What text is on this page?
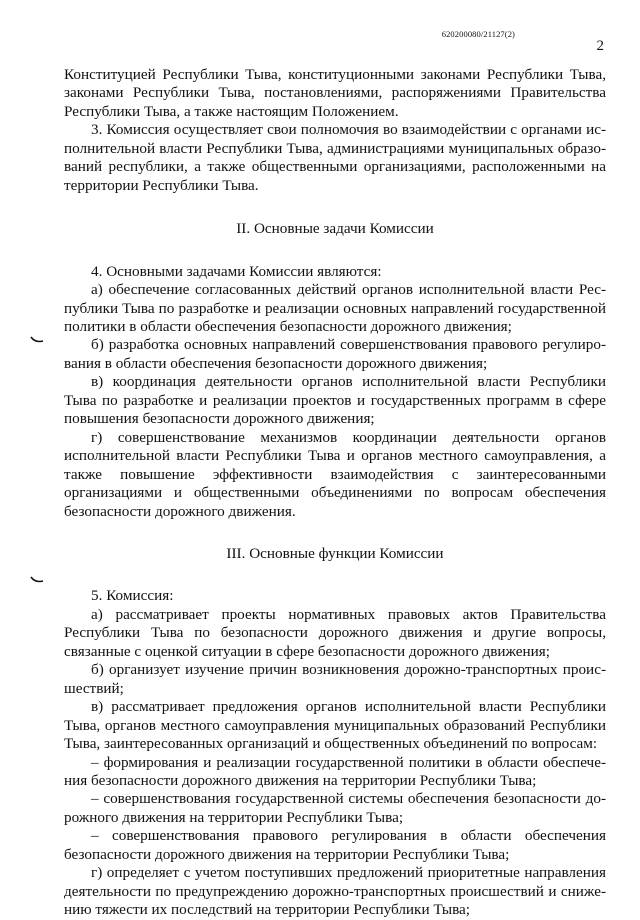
620200080/21127(2)
2

Конституцией Республики Тыва, конституционными законами Республики Тыва, законами Республики Тыва, постановлениями, распоряжениями Правительства Республики Тыва, а также настоящим Положением.

3. Комиссия осуществляет свои полномочия во взаимодействии с органами исполнительной власти Республики Тыва, администрациями муниципальных образований республики, а также общественными организациями, расположенными на территории Республики Тыва.

II. Основные задачи Комиссии

4. Основными задачами Комиссии являются:

а) обеспечение согласованных действий органов исполнительной власти Республики Тыва по разработке и реализации основных направлений государственной политики в области обеспечения безопасности дорожного движения;

б) разработка основных направлений совершенствования правового регулирования в области обеспечения безопасности дорожного движения;

в) координация деятельности органов исполнительной власти Республики Тыва по разработке и реализации проектов и государственных программ в сфере повышения безопасности дорожного движения;

г) совершенствование механизмов координации деятельности органов исполнительной власти Республики Тыва и органов местного самоуправления, а также повышение эффективности взаимодействия с заинтересованными организациями и общественными объединениями по вопросам обеспечения безопасности дорожного движения.

III. Основные функции Комиссии

5. Комиссия:

а) рассматривает проекты нормативных правовых актов Правительства Республики Тыва по безопасности дорожного движения и другие вопросы, связанные с оценкой ситуации в сфере безопасности дорожного движения;

б) организует изучение причин возникновения дорожно-транспортных происшествий;

в) рассматривает предложения органов исполнительной власти Республики Тыва, органов местного самоуправления муниципальных образований Республики Тыва, заинтересованных организаций и общественных объединений по вопросам:

– формирования и реализации государственной политики в области обеспечения безопасности дорожного движения на территории Республики Тыва;

– совершенствования государственной системы обеспечения безопасности дорожного движения на территории Республики Тыва;

– совершенствования правового регулирования в области обеспечения безопасности дорожного движения на территории Республики Тыва;

г) определяет с учетом поступивших предложений приоритетные направления деятельности по предупреждению дорожно-транспортных происшествий и снижению тяжести их последствий на территории Республики Тыва;
